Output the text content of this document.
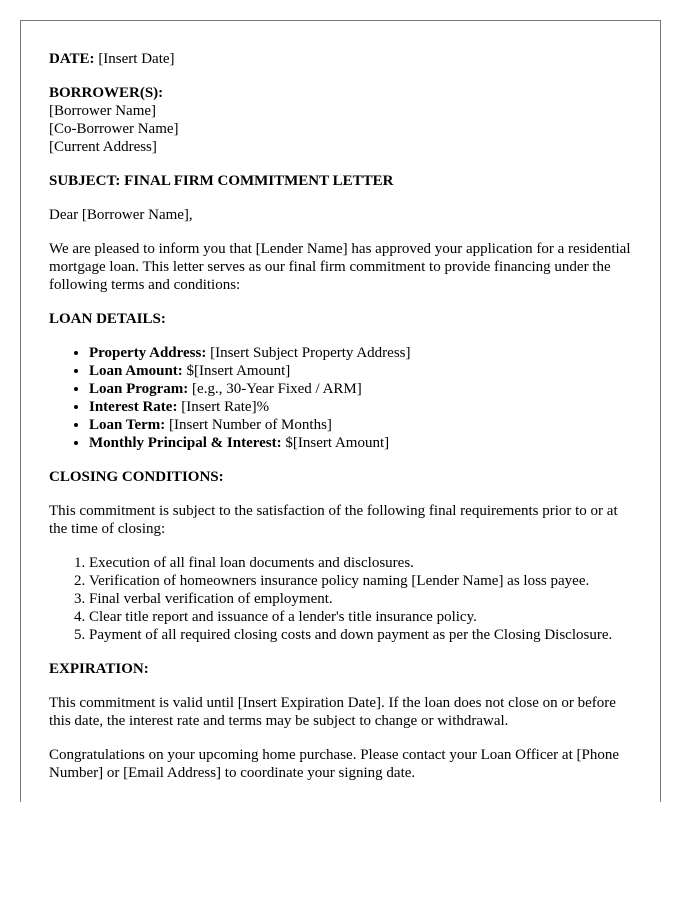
DATE: [Insert Date]

BORROWER(S):
[Borrower Name]
[Co-Borrower Name]
[Current Address]

SUBJECT: FINAL FIRM COMMITMENT LETTER

Dear [Borrower Name],

We are pleased to inform you that [Lender Name] has approved your application for a residential mortgage loan. This letter serves as our final firm commitment to provide financing under the following terms and conditions:

LOAN DETAILS:

• Property Address: [Insert Subject Property Address]
• Loan Amount: $[Insert Amount]
• Loan Program: [e.g., 30-Year Fixed / ARM]
• Interest Rate: [Insert Rate]%
• Loan Term: [Insert Number of Months]
• Monthly Principal & Interest: $[Insert Amount]

CLOSING CONDITIONS:

This commitment is subject to the satisfaction of the following final requirements prior to or at the time of closing:

1. Execution of all final loan documents and disclosures.
2. Verification of homeowners insurance policy naming [Lender Name] as loss payee.
3. Final verbal verification of employment.
4. Clear title report and issuance of a lender's title insurance policy.
5. Payment of all required closing costs and down payment as per the Closing Disclosure.

EXPIRATION:

This commitment is valid until [Insert Expiration Date]. If the loan does not close on or before this date, the interest rate and terms may be subject to change or withdrawal.

Congratulations on your upcoming home purchase. Please contact your Loan Officer at [Phone Number] or [Email Address] to coordinate your signing date.
